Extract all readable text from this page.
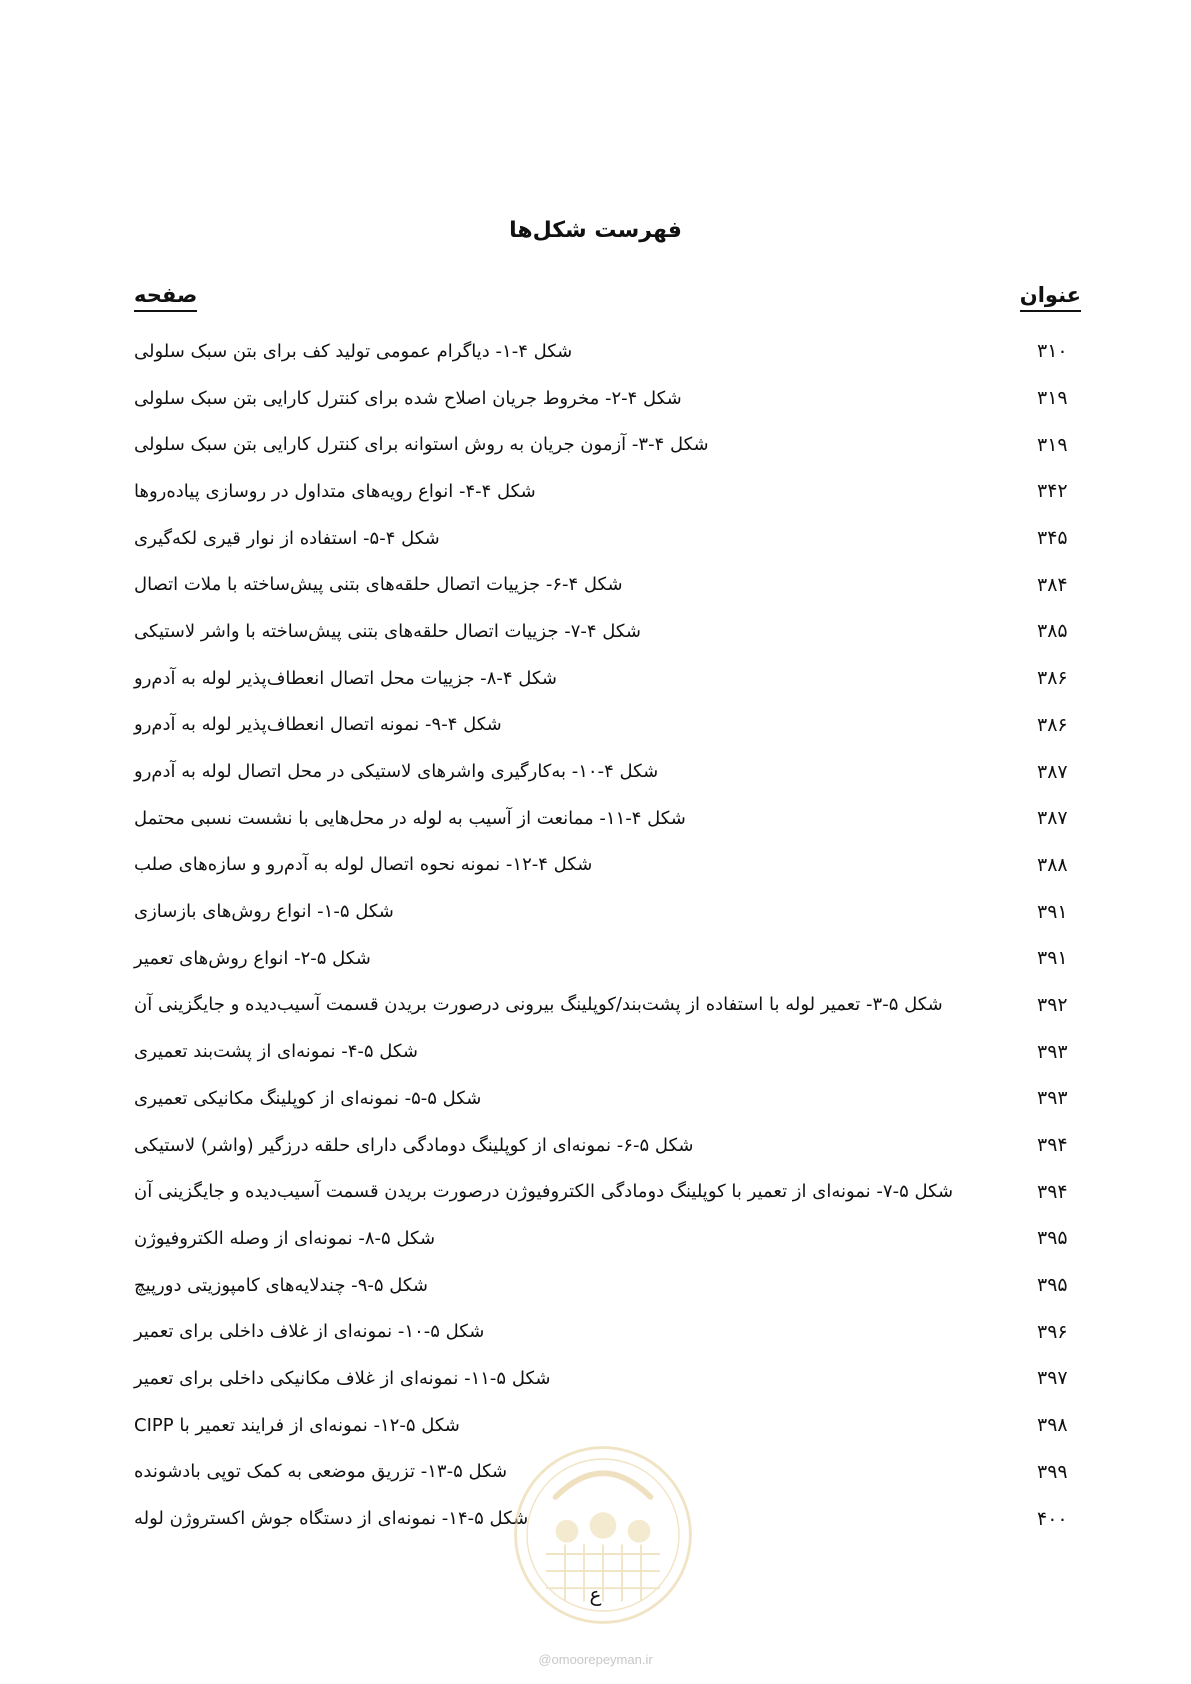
فهرست شکل‌ها
عنوان
صفحه
شکل ۴-۱- دیاگرام عمومی تولید کف برای بتن سبک سلولی	۳۱۰
شکل ۴-۲- مخروط جریان اصلاح شده برای کنترل کارایی بتن سبک سلولی	۳۱۹
شکل ۴-۳- آزمون جریان به روش استوانه برای کنترل کارایی بتن سبک سلولی	۳۱۹
شکل ۴-۴- انواع رویه‌های متداول در روسازی پیاده‌روها	۳۴۲
شکل ۴-۵- استفاده از نوار قیری لکه‌گیری	۳۴۵
شکل ۴-۶- جزییات اتصال حلقه‌های بتنی پیش‌ساخته با ملات اتصال	۳۸۴
شکل ۴-۷- جزییات اتصال حلقه‌های بتنی پیش‌ساخته با واشر لاستیکی	۳۸۵
شکل ۴-۸- جزییات محل اتصال انعطاف‌پذیر لوله به آدم‌رو	۳۸۶
شکل ۴-۹- نمونه اتصال انعطاف‌پذیر لوله به آدم‌رو	۳۸۶
شکل ۴-۱۰- به‌کارگیری واشرهای لاستیکی در محل اتصال لوله به آدم‌رو	۳۸۷
شکل ۴-۱۱- ممانعت از آسیب به لوله در محل‌هایی با نشست نسبی محتمل	۳۸۷
شکل ۴-۱۲- نمونه نحوه اتصال لوله به آدم‌رو و سازه‌های صلب	۳۸۸
شکل ۵-۱- انواع روش‌های بازسازی	۳۹۱
شکل ۵-۲- انواع روش‌های تعمیر	۳۹۱
شکل ۵-۳- تعمیر لوله با استفاده از پشت‌بند/کوپلینگ بیرونی درصورت بریدن قسمت آسیب‌دیده و جایگزینی آن	۳۹۲
شکل ۵-۴- نمونه‌ای از پشت‌بند تعمیری	۳۹۳
شکل ۵-۵- نمونه‌ای از کوپلینگ مکانیکی تعمیری	۳۹۳
شکل ۵-۶- نمونه‌ای از کوپلینگ دومادگی دارای حلقه درزگیر (واشر) لاستیکی	۳۹۴
شکل ۵-۷- نمونه‌ای از تعمیر با کوپلینگ دومادگی الکتروفیوژن درصورت بریدن قسمت آسیب‌دیده و جایگزینی آن	۳۹۴
شکل ۵-۸- نمونه‌ای از وصله الکتروفیوژن	۳۹۵
شکل ۵-۹- چندلایه‌های کامپوزیتی دورپیچ	۳۹۵
شکل ۵-۱۰- نمونه‌ای از غلاف داخلی برای تعمیر	۳۹۶
شکل ۵-۱۱- نمونه‌ای از غلاف مکانیکی داخلی برای تعمیر	۳۹۷
شکل ۵-۱۲- نمونه‌ای از فرایند تعمیر با CIPP	۳۹۸
شکل ۵-۱۳- تزریق موضعی به کمک توپی بادشونده	۳۹۹
شکل ۵-۱۴- نمونه‌ای از دستگاه جوش اکستروژن لوله	۴۰۰
ع
@omoorepeyman.ir
